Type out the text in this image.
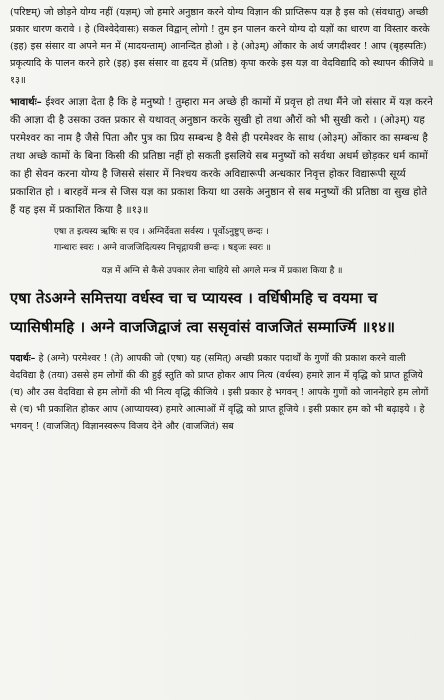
(परिष्टम्) जो छोड़ने योग्य नहीं (यज्ञम्) जो हमारे अनुष्ठान करने योग्य विज्ञान की प्राप्तिरूप यज्ञ है इस को (संवधातु) अच्छी प्रकार धारण करावे । हे (विश्वेदेवासः) सकल विद्वान् लोगो ! तुम इन पालन करने योग्य दो यज्ञों का धारण वा विस्तार करके (इह) इस संसार वा अपने मन में (मादयन्ताम्) आनन्दित होओ । हे (ओ३म्) ओंकार के अर्थ जगदीश्वर ! आप (बृहस्पतिः) प्रकृत्यादि के पालन करने हारे (इह) इस संसार वा हृदय में (प्रतिष्ठ) कृपा करके इस यज्ञ वा वेदविद्यादि को स्थापन कीजिये ॥१३॥

भावार्थः– ईश्वर आज्ञा देता है कि हे मनुष्यो ! तुम्हारा मन अच्छे ही कामों में प्रवृत्त हो तथा मैंने जो संसार में यज्ञ करने की आज्ञा दी है उसका उक्त प्रकार से यथावत् अनुष्ठान करके सुखी हो तथा औरों को भी सुखी करो । (ओ३म्) यह परमेश्वर का नाम है जैसे पिता और पुत्र का प्रिय सम्बन्ध है वैसे ही परमेश्वर के साथ (ओ३म्) ओंकार का सम्बन्ध है तथा अच्छे कामों के बिना किसी की प्रतिष्ठा नहीं हो सकती इसलिये सब मनुष्यों को सर्वथा अधर्म छोड़कर धर्म कामों का ही सेवन करना योग्य है जिससे संसार में निश्चय करके अविद्यारूपी अन्धकार निवृत्त होकर विद्यारूपी सूर्य्य प्रकाशित हो । बारहवें मन्त्र से जिस यज्ञ का प्रकाश किया था उसके अनुष्ठान से सब मनुष्यों की प्रतिष्ठा वा सुख होते हैं यह इस में प्रकाशित किया है ॥१३॥

एषा त इत्यस्य ऋषिः स एव । अग्निर्देवता सर्वस्य । पूर्वोऽनुष्टुप् छन्दः ।
गान्धारः स्वरः । अग्ने वाजजिदित्यस्य निचृद्गायत्री छन्दः । षड्जः स्वरः ॥
यज्ञ में अग्नि से कैसे उपकार लेना चाहिये सो अगले मन्त्र में प्रकाश किया है ॥
एषा तेऽअग्ने समित्तया वर्धस्व चा च प्यायस्व । वर्धिषीमहि च वयमा च प्यासिषीमहि । अग्ने वाजजिद्वाजं त्वा ससृवांसं वाजजितं सम्मार्ज्मि ॥१४॥

पदार्थः– हे (अग्ने) परमेश्वर ! (ते) आपकी जो (एषा) यह (समित्) अच्छी प्रकार पदार्थों के गुणों की प्रकाश करने वाली वेदविद्या है (तया) उससे हम लोगों की की हुई स्तुति को प्राप्त होकर आप नित्य (वर्धस्व) हमारे ज्ञान में वृद्धि को प्राप्त हूजिये (च) और उस वेदविद्या से हम लोगों की भी नित्य वृद्धि कीजिये । इसी प्रकार हे भगवन् ! आपके गुणों को जाननेहारे हम लोगों से (च) भी प्रकाशित होकर आप (आप्यायस्व) हमारे आत्माओं में वृद्धि को प्राप्त हूजिये । इसी प्रकार हम को भी बढ़ाइये । हे भगवन् ! (वाजजित्) विज्ञानस्वरूप विजय देने और (वाजजितं) सब
